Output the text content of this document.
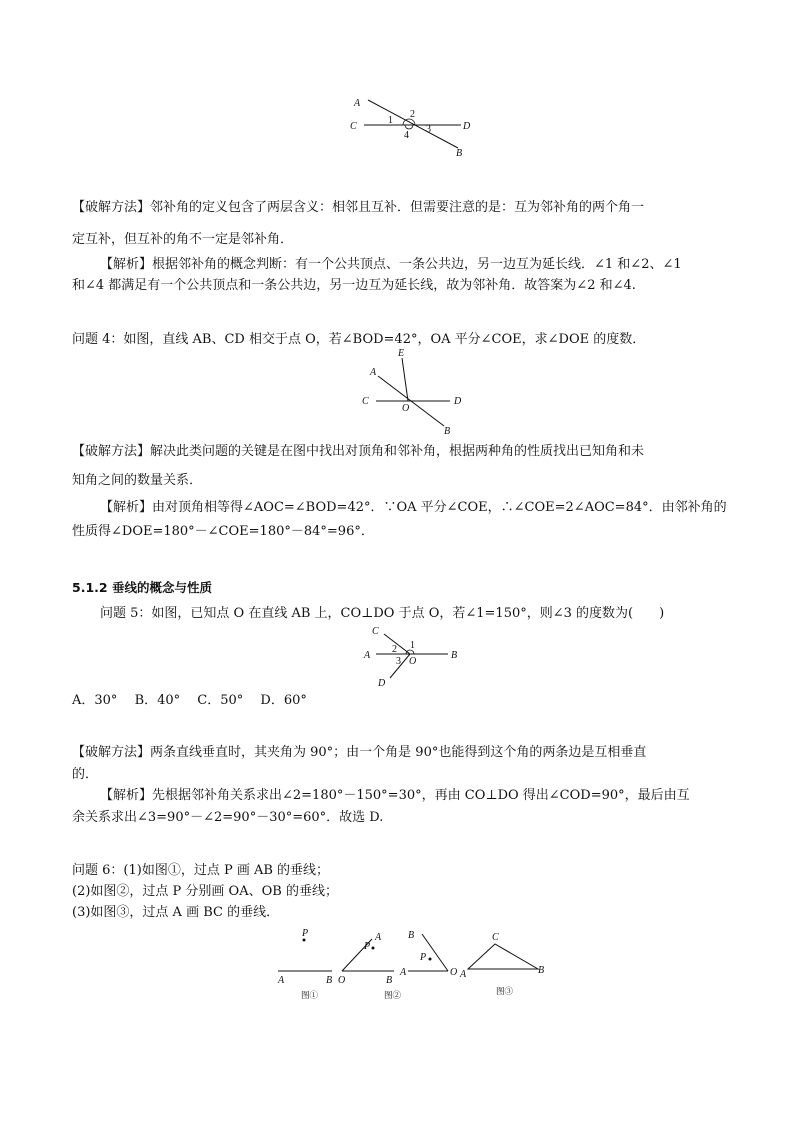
A
C	D
B
1
2
3
4
【破解方法】邻补角的定义包含了两层含义：相邻且互补．但需要注意的是：互为邻补角的两个角一
定互补，但互补的角不一定是邻补角．
【解析】根据邻补角的概念判断：有一个公共顶点、一条公共边，另一边互为延长线．∠1 和∠2、∠1
和∠4 都满足有一个公共顶点和一条公共边，另一边互为延长线，故为邻补角．故答案为∠2 和∠4.
问题 4：如图，直线 AB、CD 相交于点 O，若∠BOD=42°，OA 平分∠COE，求∠DOE 的度数．
E
A
C
O
D
B
【破解方法】解决此类问题的关键是在图中找出对顶角和邻补角，根据两种角的性质找出已知角和未
知角之间的数量关系．
【解析】由对顶角相等得∠AOC=∠BOD=42°．∵OA 平分∠COE，∴∠COE=2∠AOC=84°．由邻补角的
性质得∠DOE=180°－∠COE=180°－84°=96°．
5.1.2 垂线的概念与性质
问题 5：如图，已知点 O 在直线 AB 上，CO⊥DO 于点 O，若∠1=150°，则∠3 的度数为(　　)
C
A	B
D
O
1
2
3
A．30°　 B．40°　 C．50°　 D．60°
【破解方法】两条直线垂直时，其夹角为 90°；由一个角是 90°也能得到这个角的两条边是互相垂直
的．
【解析】先根据邻补角关系求出∠2=180°－150°=30°，再由 CO⊥DO 得出∠COD=90°，最后由互
余关系求出∠3=90°－∠2=90°－30°=60°．故选 D.
问题 6：(1)如图①，过点 P 画 AB 的垂线；
(2)如图②，过点 P 分别画 OA、OB 的垂线；
(3)如图③，过点 A 画 BC 的垂线．
P
A	B
图①
A
P
O	B
图②
B
P
A	O
C
A	B
图③
